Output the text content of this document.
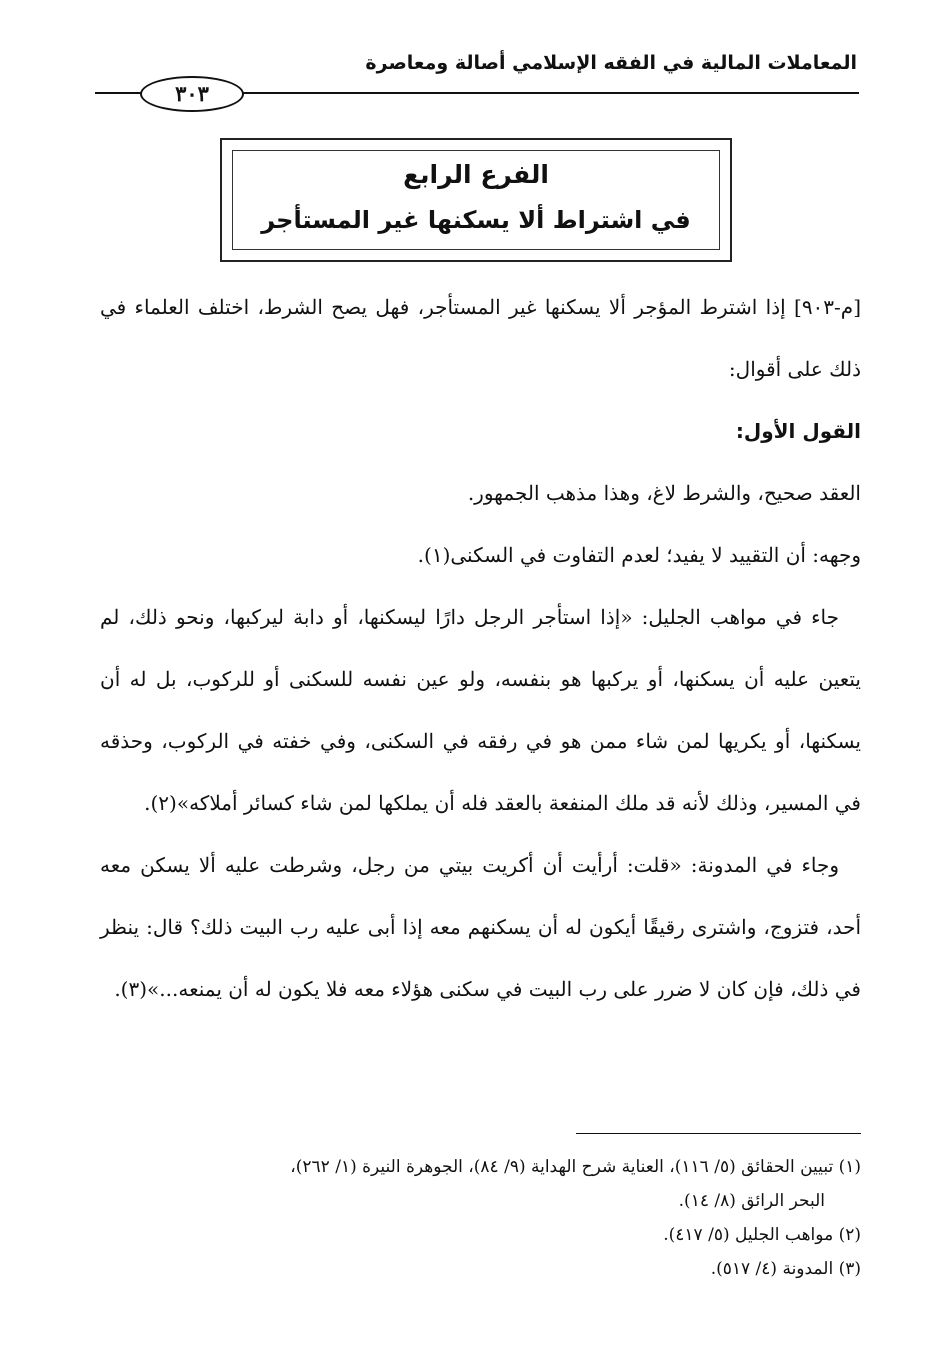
المعاملات المالية في الفقه الإسلامي أصالة ومعاصرة
٣٠٣
الفرع الرابع
في اشتراط ألا يسكنها غير المستأجر

[م-٩٠٣] إذا اشترط المؤجر ألا يسكنها غير المستأجر، فهل يصح الشرط، اختلف العلماء في ذلك على أقوال:

القول الأول:

العقد صحيح، والشرط لاغ، وهذا مذهب الجمهور.

وجهه: أن التقييد لا يفيد؛ لعدم التفاوت في السكنى(١).

جاء في مواهب الجليل: «إذا استأجر الرجل دارًا ليسكنها، أو دابة ليركبها، ونحو ذلك، لم يتعين عليه أن يسكنها، أو يركبها هو بنفسه، ولو عين نفسه للسكنى أو للركوب، بل له أن يسكنها، أو يكريها لمن شاء ممن هو في رفقه في السكنى، وفي خفته في الركوب، وحذقه في المسير، وذلك لأنه قد ملك المنفعة بالعقد فله أن يملكها لمن شاء كسائر أملاكه»(٢).

وجاء في المدونة: «قلت: أرأيت أن أكريت بيتي من رجل، وشرطت عليه ألا يسكن معه أحد، فتزوج، واشترى رقيقًا أيكون له أن يسكنهم معه إذا أبى عليه رب البيت ذلك؟ قال: ينظر في ذلك، فإن كان لا ضرر على رب البيت في سكنى هؤلاء معه فلا يكون له أن يمنعه...»(٣).

(١) تبيين الحقائق (٥/ ١١٦)، العناية شرح الهداية (٩/ ٨٤)، الجوهرة النيرة (١/ ٢٦٢)،

البحر الرائق (٨/ ١٤).

(٢) مواهب الجليل (٥/ ٤١٧).

(٣) المدونة (٤/ ٥١٧).
